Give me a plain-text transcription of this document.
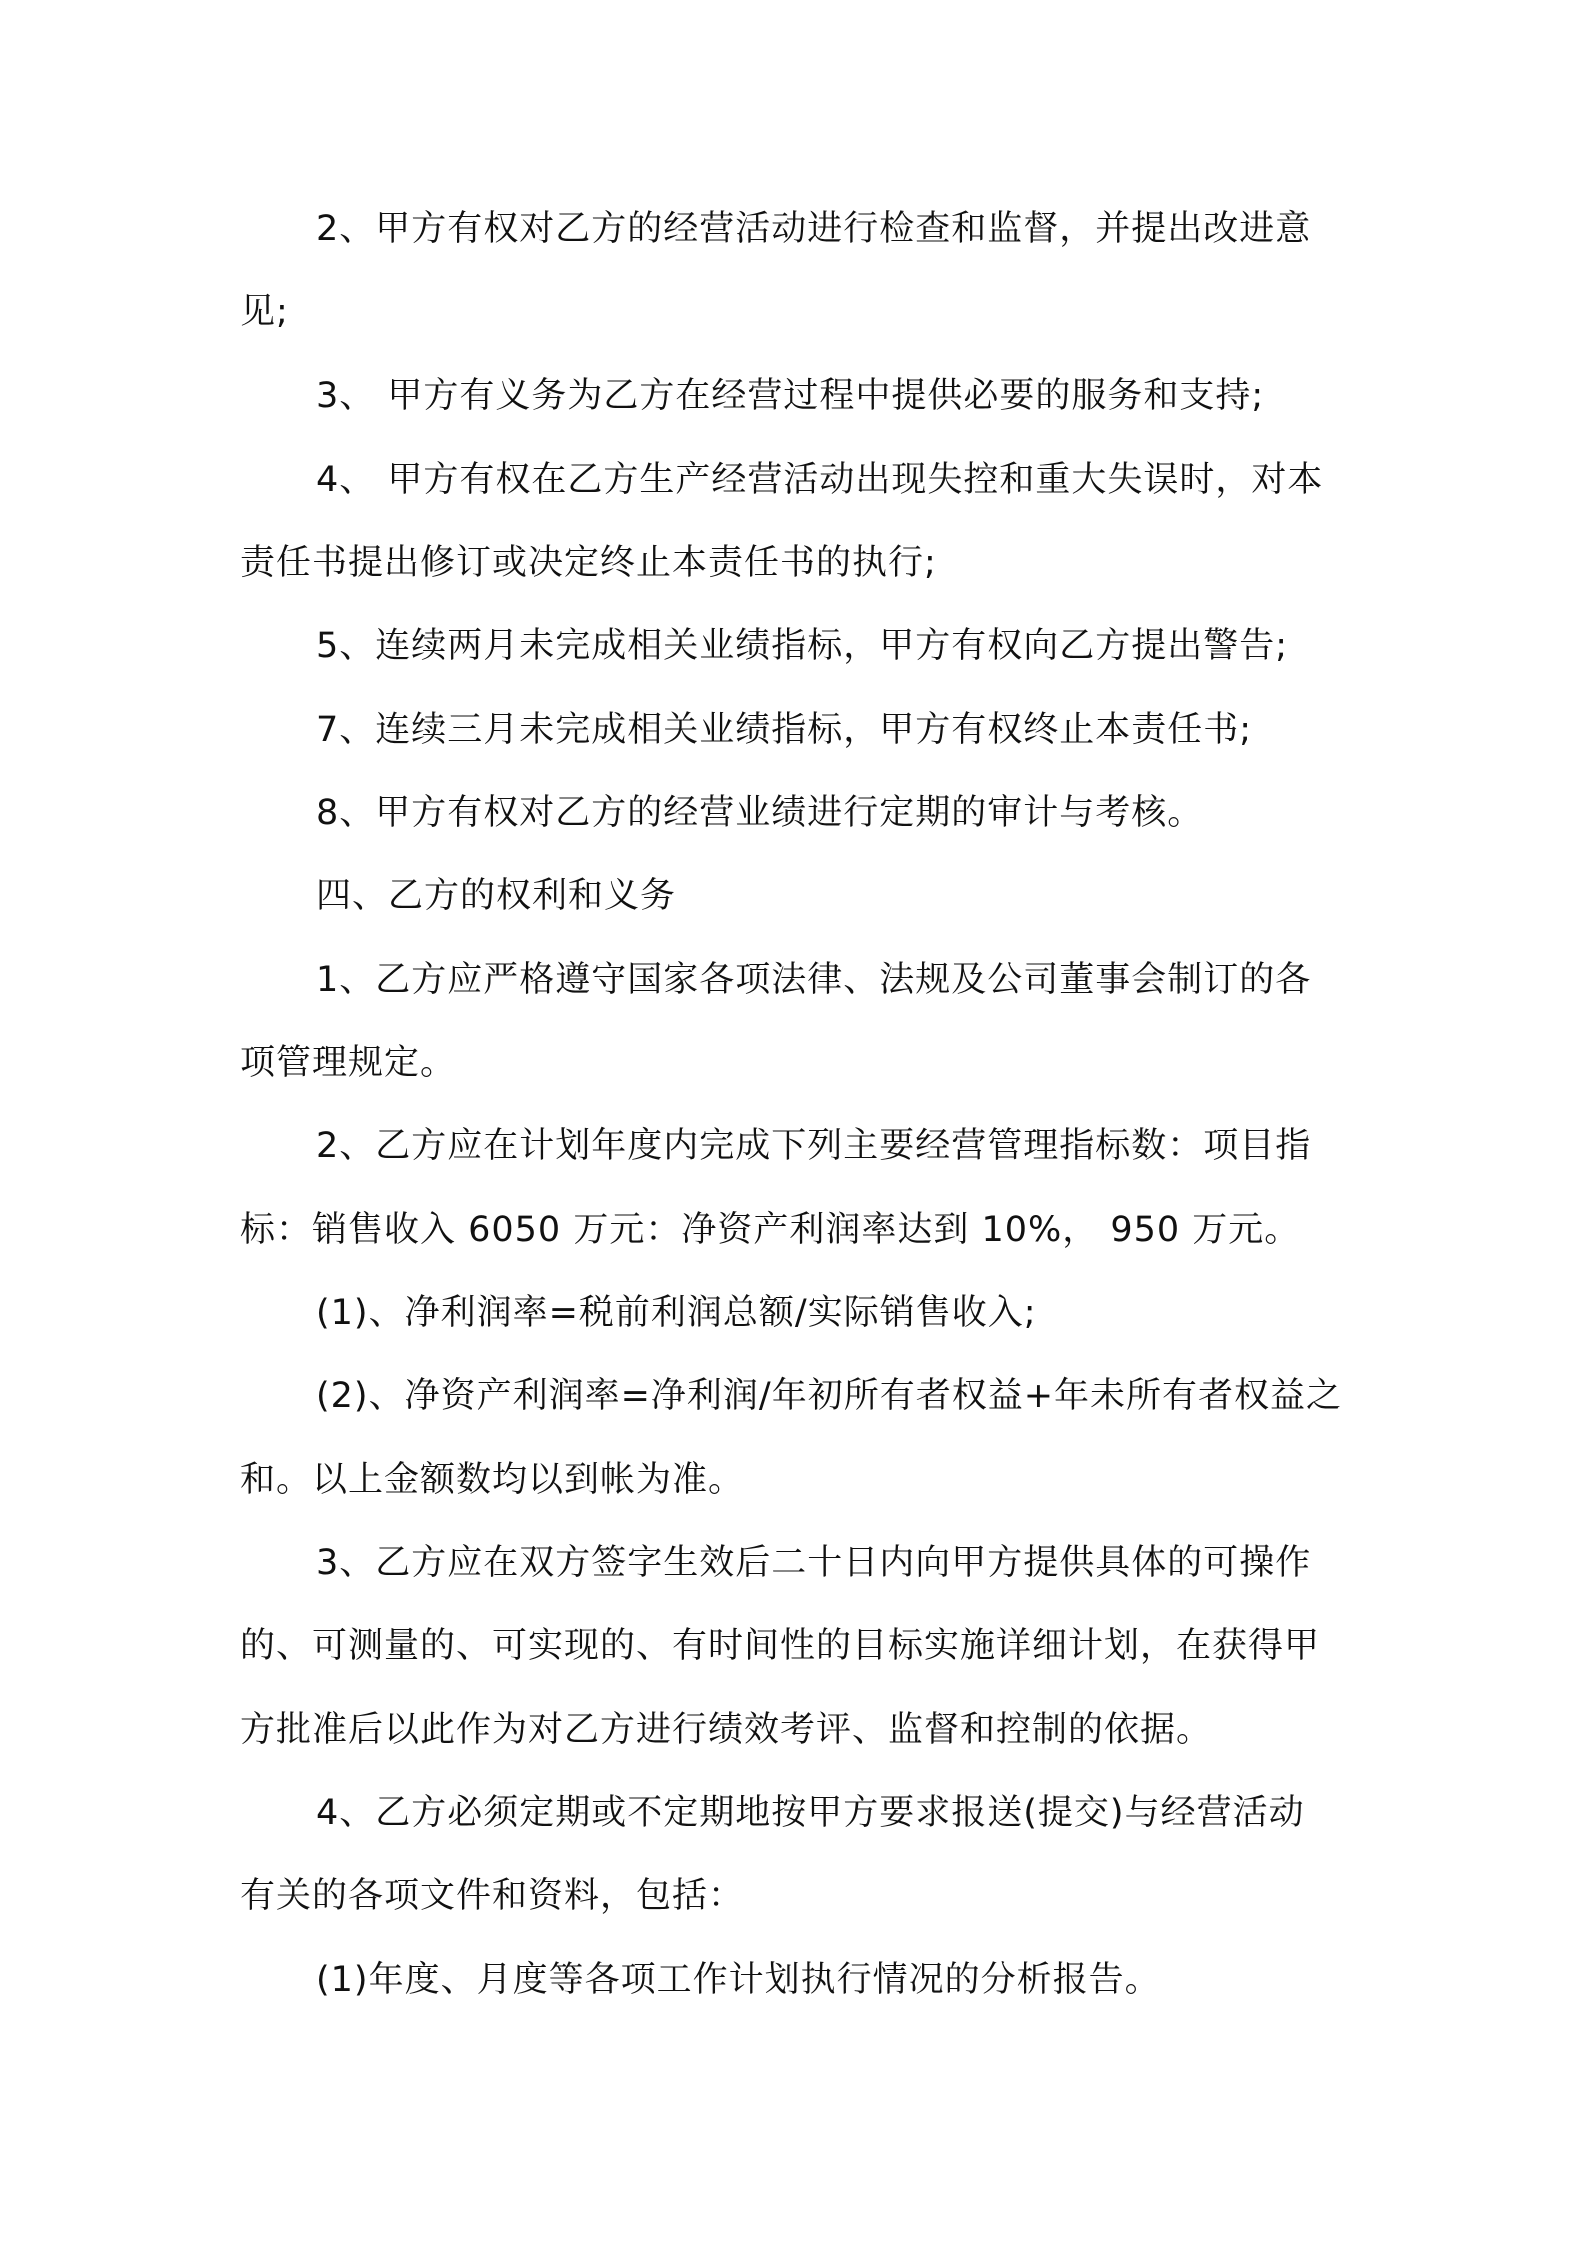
2、甲方有权对乙方的经营活动进行检查和监督，并提出改进意
见;
3、 甲方有义务为乙方在经营过程中提供必要的服务和支持;
4、 甲方有权在乙方生产经营活动出现失控和重大失误时，对本
责任书提出修订或决定终止本责任书的执行;
5、连续两月未完成相关业绩指标，甲方有权向乙方提出警告;
7、连续三月未完成相关业绩指标，甲方有权终止本责任书;
8、甲方有权对乙方的经营业绩进行定期的审计与考核。
四、乙方的权利和义务
1、乙方应严格遵守国家各项法律、法规及公司董事会制订的各
项管理规定。
2、乙方应在计划年度内完成下列主要经营管理指标数：项目指
标：销售收入 6050 万元：净资产利润率达到 10%， 950 万元。
(1)、净利润率=税前利润总额/实际销售收入;
(2)、净资产利润率=净利润/年初所有者权益+年未所有者权益之
和。以上金额数均以到帐为准。
3、乙方应在双方签字生效后二十日内向甲方提供具体的可操作
的、可测量的、可实现的、有时间性的目标实施详细计划，在获得甲
方批准后以此作为对乙方进行绩效考评、监督和控制的依据。
4、乙方必须定期或不定期地按甲方要求报送(提交)与经营活动
有关的各项文件和资料，包括：
(1)年度、月度等各项工作计划执行情况的分析报告。
